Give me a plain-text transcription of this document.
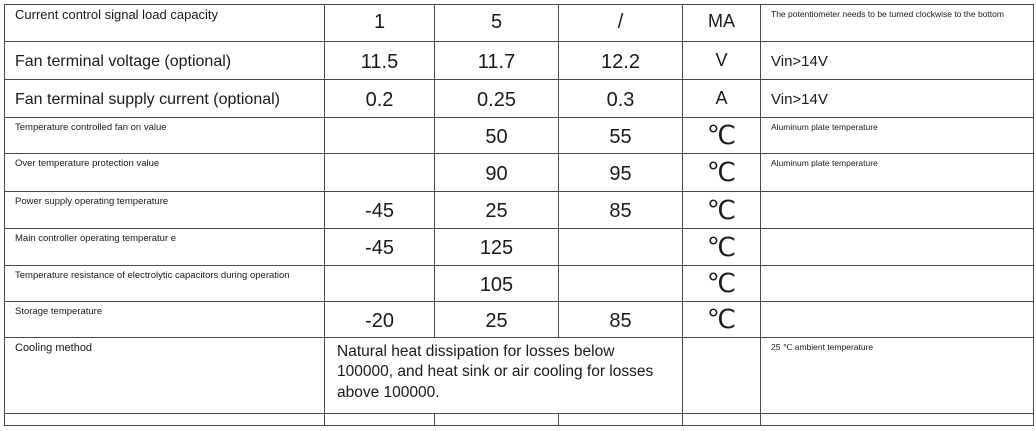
Current control signal load capacity	1	5	/	MA	The potentiometer needs to be turned clockwise to the bottom
Fan terminal voltage (optional)	11.5	11.7	12.2	V	Vin>14V
Fan terminal supply current (optional)	0.2	0.25	0.3	A	Vin>14V
Temperature controlled fan on value		50	55	℃	Aluminum plate temperature
Over temperature protection value		90	95	℃	Aluminum plate temperature
Power supply operating temperature	-45	25	85	℃	
Main controller operating temperatur e	-45	125		℃	
Temperature resistance of electrolytic capacitors during operation		105		℃	
Storage temperature	-20	25	85	℃	
Cooling method	Natural heat dissipation for losses below 100000, and heat sink or air cooling for losses above 100000.				25 ℃ ambient temperature
